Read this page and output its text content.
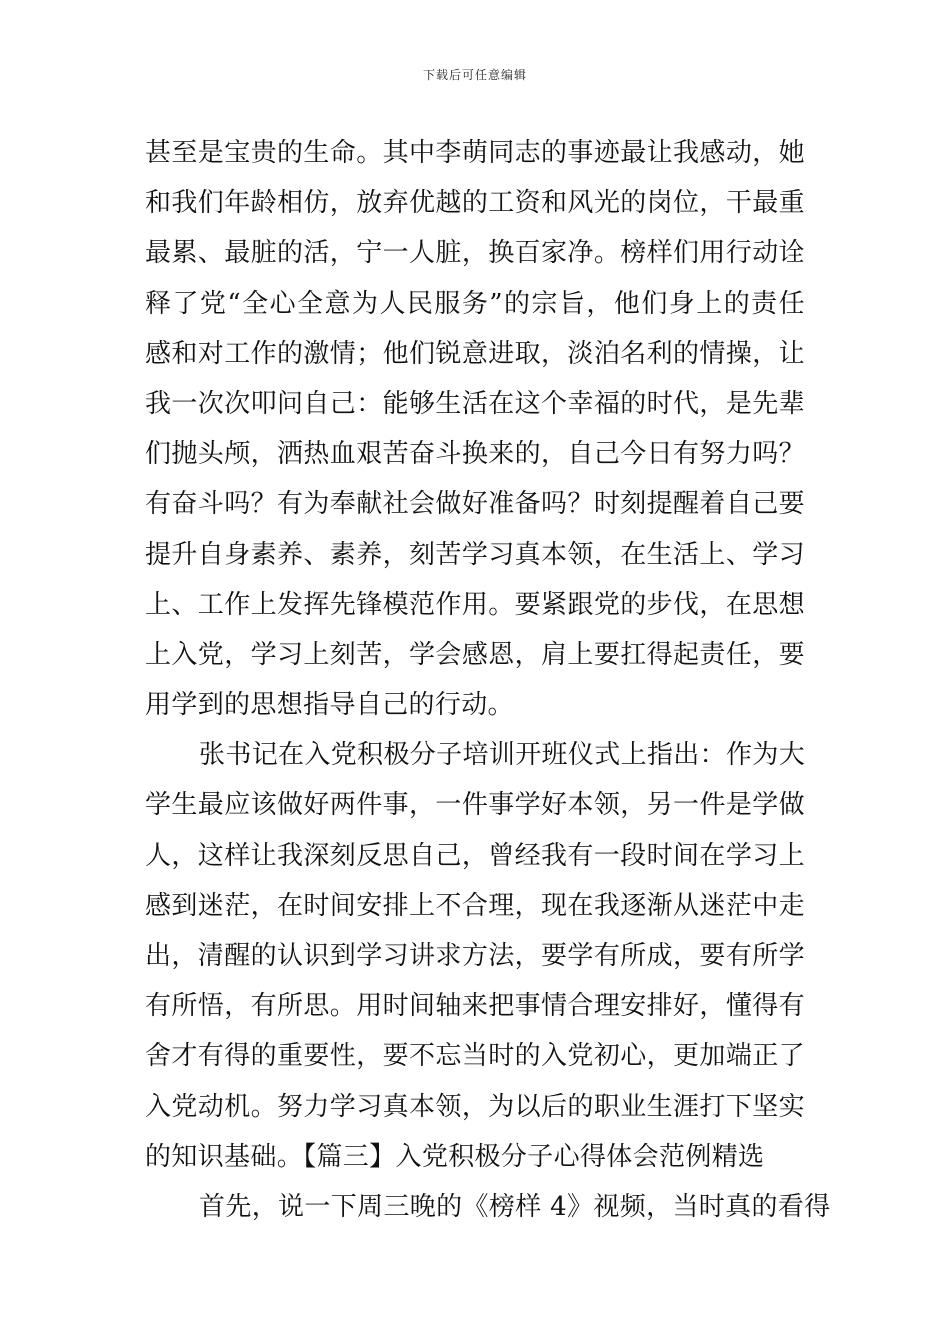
下载后可任意编辑
甚至是宝贵的生命。其中李萌同志的事迹最让我感动，她
和我们年龄相仿，放弃优越的工资和风光的岗位，干最重
最累、最脏的活，宁一人脏，换百家净。榜样们用行动诠
释了党“全心全意为人民服务”的宗旨，他们身上的责任
感和对工作的激情；他们锐意进取，淡泊名利的情操，让
我一次次叩问自己：能够生活在这个幸福的时代，是先辈
们抛头颅，洒热血艰苦奋斗换来的，自己今日有努力吗？
有奋斗吗？有为奉献社会做好准备吗？时刻提醒着自己要
提升自身素养、素养，刻苦学习真本领，在生活上、学习
上、工作上发挥先锋模范作用。要紧跟党的步伐，在思想
上入党，学习上刻苦，学会感恩，肩上要扛得起责任，要
用学到的思想指导自己的行动。
张书记在入党积极分子培训开班仪式上指出：作为大
学生最应该做好两件事，一件事学好本领，另一件是学做
人，这样让我深刻反思自己，曾经我有一段时间在学习上
感到迷茫，在时间安排上不合理，现在我逐渐从迷茫中走
出，清醒的认识到学习讲求方法，要学有所成，要有所学
有所悟，有所思。用时间轴来把事情合理安排好，懂得有
舍才有得的重要性，要不忘当时的入党初心，更加端正了
入党动机。努力学习真本领，为以后的职业生涯打下坚实
的知识基础。【篇三】入党积极分子心得体会范例精选
首先，说一下周三晚的《榜样 4》视频，当时真的看得
